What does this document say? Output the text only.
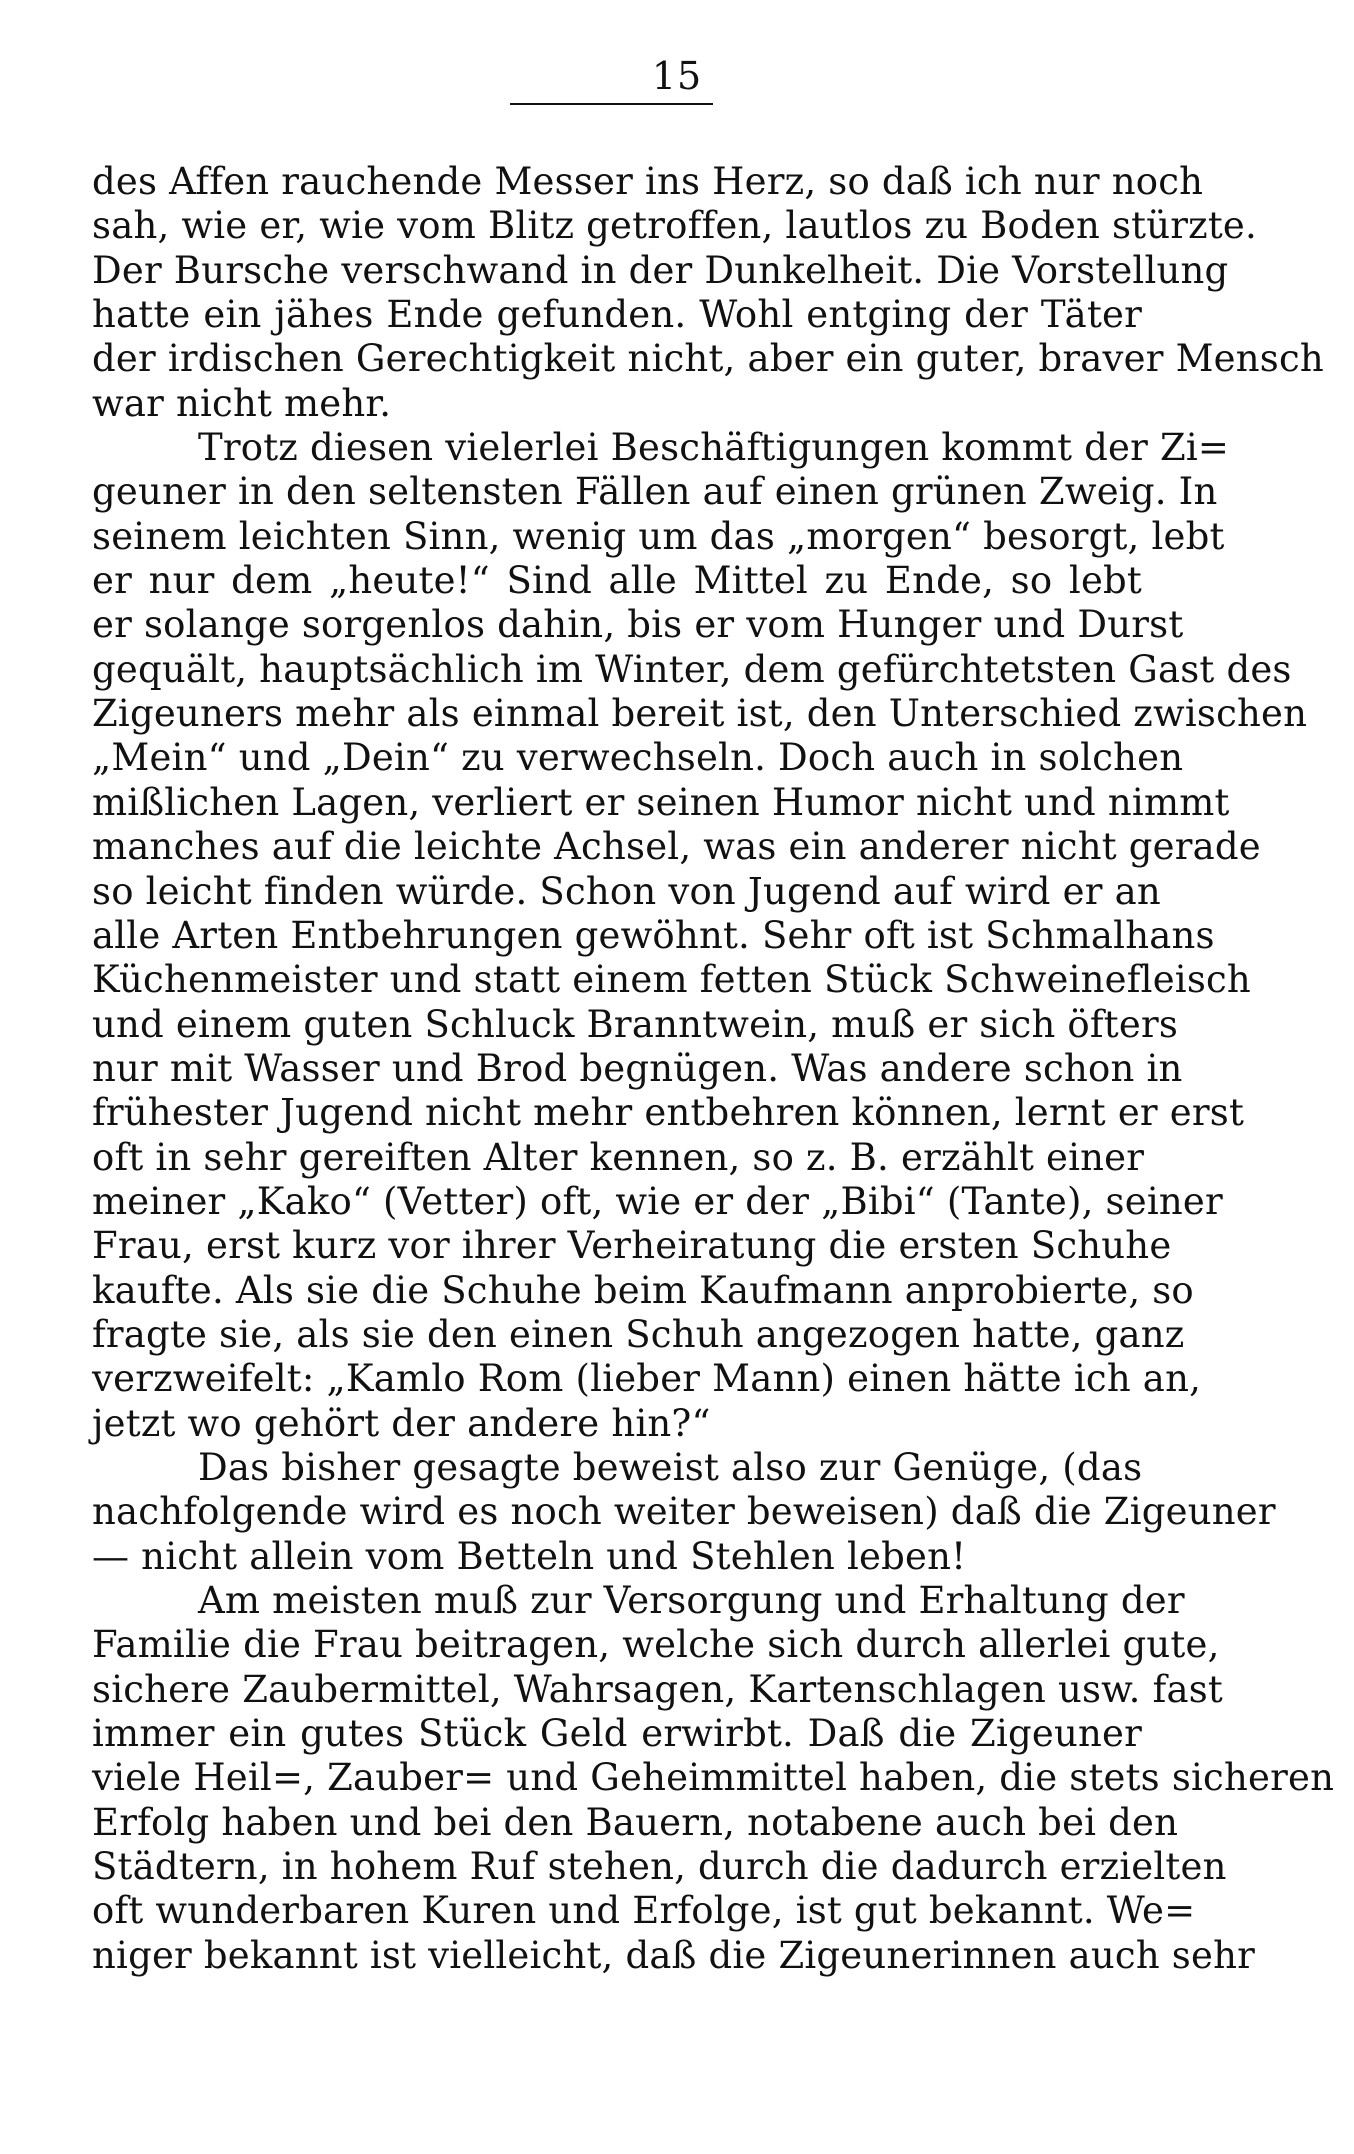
15
des Affen rauchende Messer ins Herz, so daß ich nur noch
sah, wie er, wie vom Blitz getroffen, lautlos zu Boden stürzte.
Der Bursche verschwand in der Dunkelheit. Die Vorstellung
hatte ein jähes Ende gefunden. Wohl entging der Täter
der irdischen Gerechtigkeit nicht, aber ein guter, braver Mensch
war nicht mehr.
Trotz diesen vielerlei Beschäftigungen kommt der Zi=
geuner in den seltensten Fällen auf einen grünen Zweig. In
seinem leichten Sinn, wenig um das „morgen“ besorgt, lebt
er nur dem „heute!“ Sind alle Mittel zu Ende, so lebt
er solange sorgenlos dahin, bis er vom Hunger und Durst
gequält, hauptsächlich im Winter, dem gefürchtetsten Gast des
Zigeuners mehr als einmal bereit ist, den Unterschied zwischen
„Mein“ und „Dein“ zu verwechseln. Doch auch in solchen
mißlichen Lagen, verliert er seinen Humor nicht und nimmt
manches auf die leichte Achsel, was ein anderer nicht gerade
so leicht finden würde. Schon von Jugend auf wird er an
alle Arten Entbehrungen gewöhnt. Sehr oft ist Schmalhans
Küchenmeister und statt einem fetten Stück Schweinefleisch
und einem guten Schluck Branntwein, muß er sich öfters
nur mit Wasser und Brod begnügen. Was andere schon in
frühester Jugend nicht mehr entbehren können, lernt er erst
oft in sehr gereiften Alter kennen, so z. B. erzählt einer
meiner „Kako“ (Vetter) oft, wie er der „Bibi“ (Tante), seiner
Frau, erst kurz vor ihrer Verheiratung die ersten Schuhe
kaufte. Als sie die Schuhe beim Kaufmann anprobierte, so
fragte sie, als sie den einen Schuh angezogen hatte, ganz
verzweifelt: „Kamlo Rom (lieber Mann) einen hätte ich an,
jetzt wo gehört der andere hin?“
Das bisher gesagte beweist also zur Genüge, (das
nachfolgende wird es noch weiter beweisen) daß die Zigeuner
— nicht allein vom Betteln und Stehlen leben!
Am meisten muß zur Versorgung und Erhaltung der
Familie die Frau beitragen, welche sich durch allerlei gute,
sichere Zaubermittel, Wahrsagen, Kartenschlagen usw. fast
immer ein gutes Stück Geld erwirbt. Daß die Zigeuner
viele Heil=, Zauber= und Geheimmittel haben, die stets sicheren
Erfolg haben und bei den Bauern, notabene auch bei den
Städtern, in hohem Ruf stehen, durch die dadurch erzielten
oft wunderbaren Kuren und Erfolge, ist gut bekannt. We=
niger bekannt ist vielleicht, daß die Zigeunerinnen auch sehr
